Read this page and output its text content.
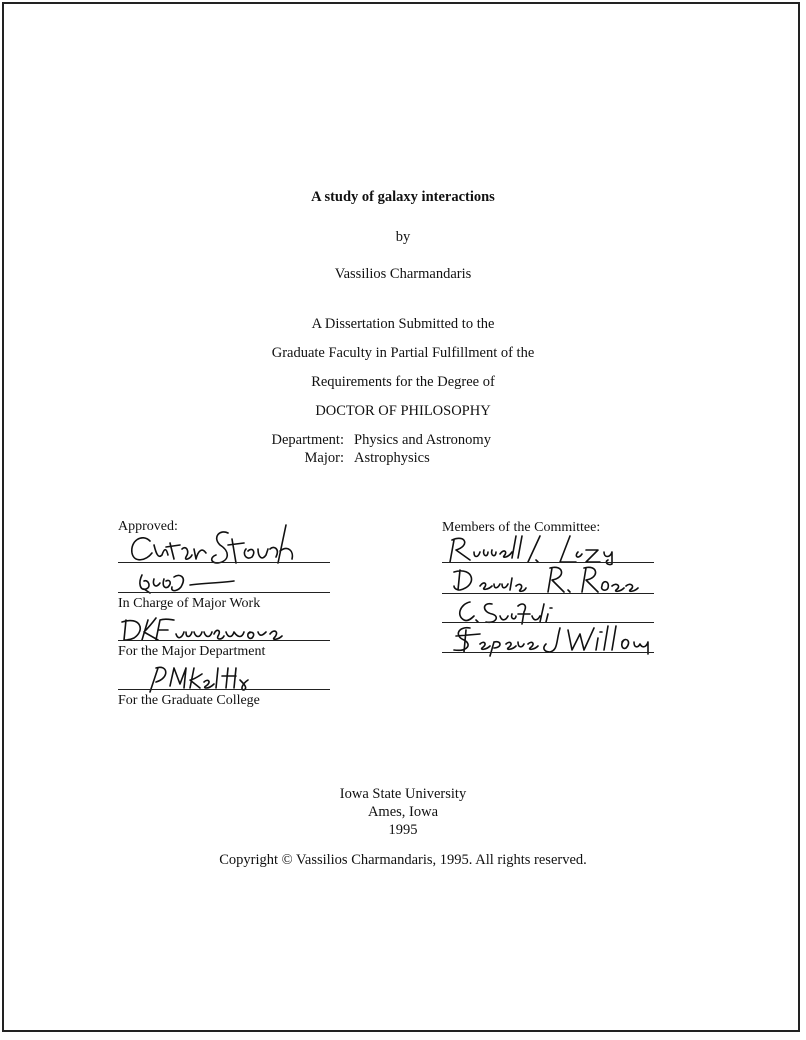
A study of galaxy interactions
by
Vassilios Charmandaris
A Dissertation Submitted to the
Graduate Faculty in Partial Fulfillment of the
Requirements for the Degree of
DOCTOR OF PHILOSOPHY
Department: Physics and Astronomy
Major: Astrophysics
Approved:
In Charge of Major Work
For the Major Department
For the Graduate College
Members of the Committee:
Iowa State University
Ames, Iowa
1995
Copyright © Vassilios Charmandaris, 1995. All rights reserved.
